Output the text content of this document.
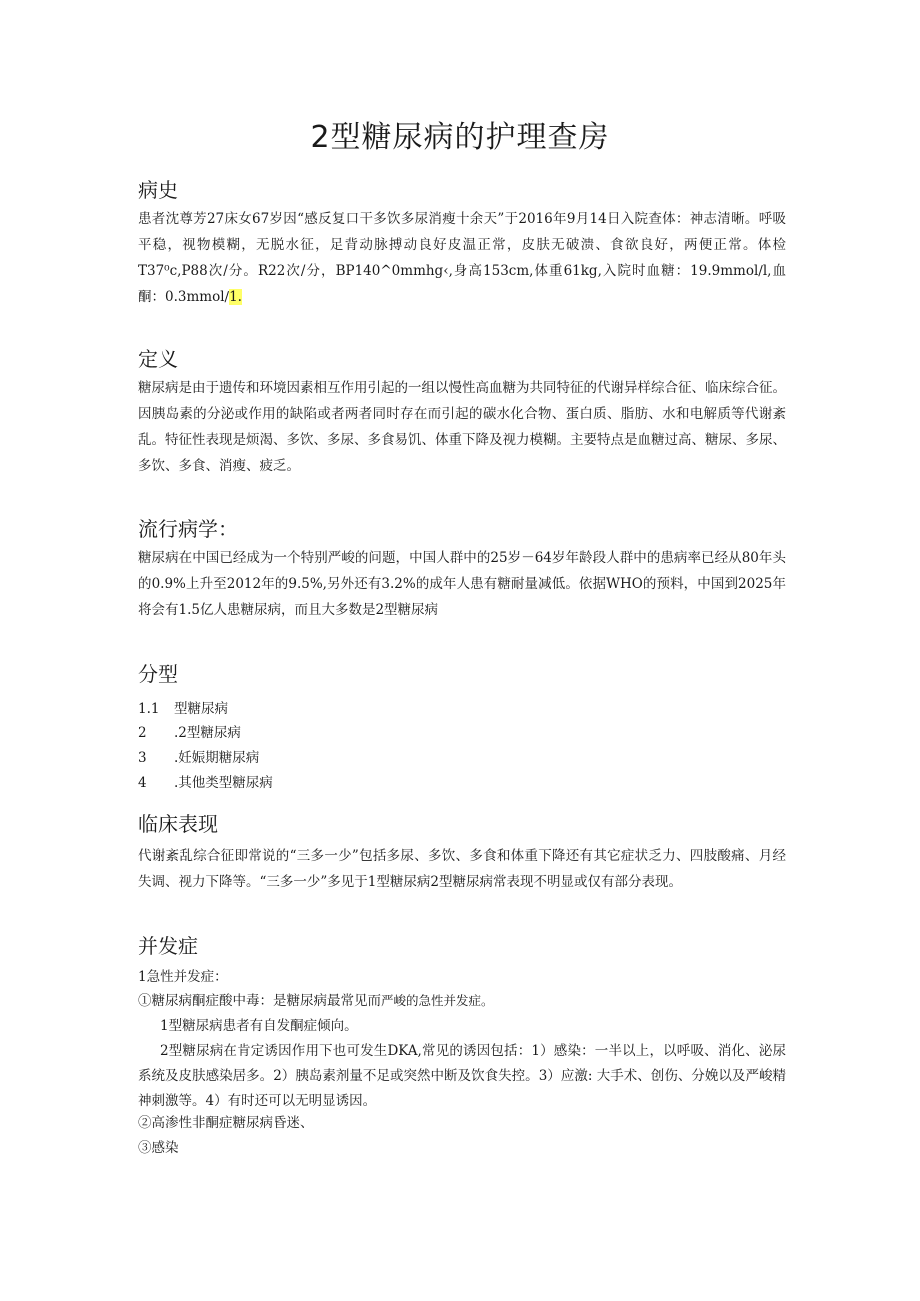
2型糖尿病的护理查房
病史
患者沈尊芳27床女67岁因“感反复口干多饮多尿消瘦十余天”于2016年9月14日入院查体：神志清晰。呼吸平稳，视物模糊，无脱水征，足背动脉搏动良好皮温正常，皮肤无破溃、食欲良好，两便正常。体检T37⁰c,P88次/分。R22次/分，BP140^0mmhg‹,身高153cm,体重61kg,入院时血糖：19.9mmol∕l,血酮：0.3mmol∕1.
定义
糖尿病是由于遗传和环境因素相互作用引起的一组以慢性高血糖为共同特征的代谢异样综合征、临床综合征。因胰岛素的分泌或作用的缺陷或者两者同时存在而引起的碳水化合物、蛋白质、脂肪、水和电解质等代谢紊乱。特征性表现是烦渴、多饮、多尿、多食易饥、体重下降及视力模糊。主要特点是血糖过高、糖尿、多尿、多饮、多食、消瘦、疲乏。
流行病学：
糖尿病在中国已经成为一个特别严峻的问题，中国人群中的25岁－64岁年龄段人群中的患病率已经从80年头的0.9%上升至2012年的9.5%,另外还有3.2%的成年人患有糖耐量减低。依据WHO的预料，中国到2025年将会有1.5亿人患糖尿病，而且大多数是2型糖尿病
分型
1.1 型糖尿病
2 .2型糖尿病
3 .妊娠期糖尿病
4 .其他类型糖尿病
临床表现
代谢紊乱综合征即常说的“三多一少”包括多尿、多饮、多食和体重下降还有其它症状乏力、四肢酸痛、月经失调、视力下降等。“三多一少”多见于1型糖尿病2型糖尿病常表现不明显或仅有部分表现。
并发症
1急性并发症：
①糖尿病酮症酸中毒：是糖尿病最常见而严峻的急性并发症。
1型糖尿病患者有自发酮症倾向。
2型糖尿病在肯定诱因作用下也可发生DKA,常见的诱因包括：1）感染：一半以上，以呼吸、消化、泌尿系统及皮肤感染居多。2）胰岛素剂量不足或突然中断及饮食失控。3）应激: 大手术、创伤、分娩以及严峻精神刺激等。4）有时还可以无明显诱因。
②高渗性非酮症糖尿病昏迷、
③感染
